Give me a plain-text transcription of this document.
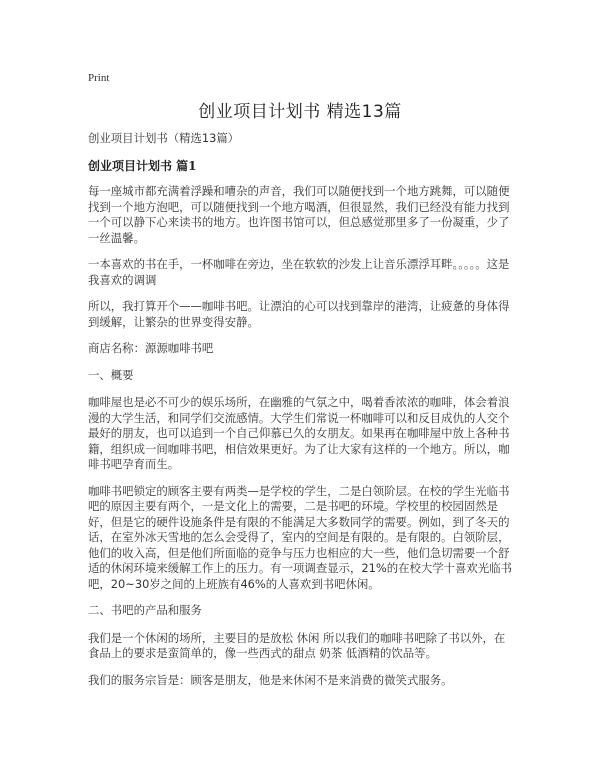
Print
创业项目计划书 精选13篇

创业项目计划书（精选13篇）

创业项目计划书 篇1

每一座城市都充满着浮躁和嘈杂的声音，我们可以随便找到一个地方跳舞，可以随便找到一个地方泡吧，可以随便找到一个地方喝酒，但很显然，我们已经没有能力找到一个可以静下心来读书的地方。也许图书馆可以，但总感觉那里多了一份凝重，少了一丝温馨。

一本喜欢的书在手，一杯咖啡在旁边，坐在软软的沙发上让音乐漂浮耳畔。。。。。这是我喜欢的调调

所以，我打算开个——咖啡书吧。让漂泊的心可以找到靠岸的港湾，让疲惫的身体得到缓解，让繁杂的世界变得安静。

商店名称：源源咖啡书吧

一、概要

咖啡屋也是必不可少的娱乐场所，在幽雅的气氛之中，喝着香浓浓的咖啡，体会着浪漫的大学生活，和同学们交流感情。大学生们常说一杯咖啡可以和反目成仇的人交个最好的朋友，也可以追到一个自己仰慕已久的女朋友。如果再在咖啡屋中放上各种书籍，组织成一间咖啡书吧，相信效果更好。为了让大家有这样的一个地方。所以，咖啡书吧孕育而生。

咖啡书吧锁定的顾客主要有两类—是学校的学生，二是白领阶层。在校的学生光临书吧的原因主要有两个，一是文化上的需要，二是书吧的环境。学校里的校园固然是好，但是它的硬件设施条件是有限的不能满足大多数同学的需要。例如，到了冬天的话，在室外冰天雪地的怎么会受得了，室内的空间是有限的。是有限的。白领阶层，他们的收入高，但是他们所面临的竞争与压力也相应的大一些，他们急切需要一个舒适的休闲环境来缓解工作上的压力。有一项调查显示，21%的在校大学十喜欢光临书吧，20~30岁之间的上班族有46%的人喜欢到书吧休闲。

二、书吧的产品和服务

我们是一个休闲的场所，主要目的是放松 休闲 所以我们的咖啡书吧除了书以外，在食品上的要求是蛮简单的，像一些西式的甜点 奶茶 低酒精的饮品等。

我们的服务宗旨是：顾客是朋友，他是来休闲不是来消费的微笑式服务。
